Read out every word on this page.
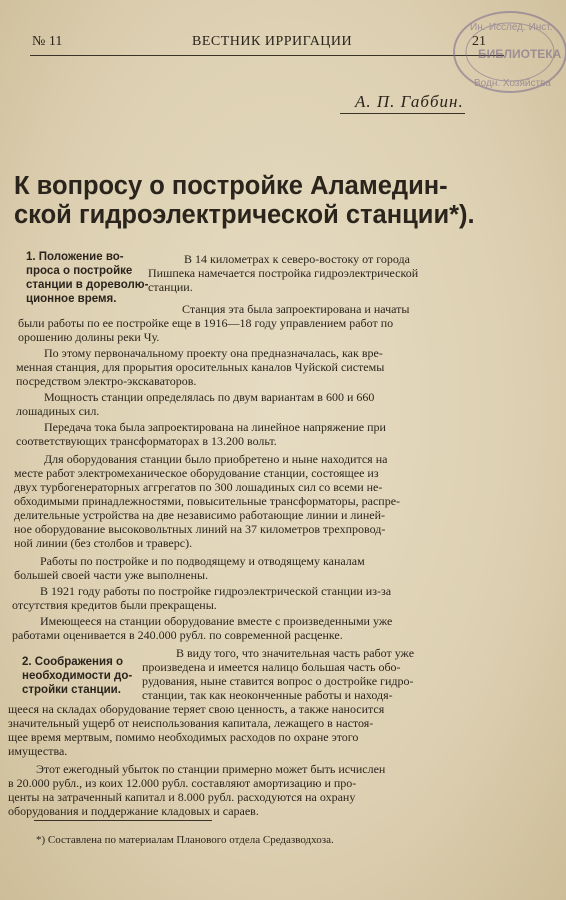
№ 11	ВЕСТНИК ИРРИГАЦИИ	21
Ин.-Исслед. Инст.
БИБЛИОТЕКА
Водн. Хозяйства
А. П. Габбин.
К вопросу о постройке Аламедин-
ской гидроэлектрической станции*).
1. Положение во-
проса о постройке
станции в дореволю-
ционное время.
2. Соображения о
необходимости до-
стройки станции.
В 14 километрах к северо-востоку от города
Пишпека намечается постройка гидроэлектрической
станции.
Станция эта была запроектирована и начаты
были работы по ее постройке еще в 1916—18 году управлением работ по
орошению долины реки Чу.
По этому первоначальному проекту она предназначалась, как вре-
менная станция, для прорытия оросительных каналов Чуйской системы
посредством электро-экскаваторов.
Мощность станции определялась по двум вариантам в 600 и 660
лошадиных сил.
Передача тока была запроектирована на линейное напряжение при
соответствующих трансформаторах в 13.200 вольт.
Для оборудования станции было приобретено и ныне находится на
месте работ электромеханическое оборудование станции, состоящее из
двух турбогенераторных аггрегатов по 300 лошадиных сил со всеми не-
обходимыми принадлежностями, повысительные трансформаторы, распре-
делительные устройства на две независимо работающие линии и линей-
ное оборудование высоковольтных линий на 37 километров трехпровод-
ной линии (без столбов и траверс).
Работы по постройке и по подводящему и отводящему каналам
большей своей части уже выполнены.
В 1921 году работы по постройке гидроэлектрической станции из-за
отсутствия кредитов были прекращены.
Имеющееся на станции оборудование вместе с произведенными уже
работами оценивается в 240.000 рубл. по современной расценке.
В виду того, что значительная часть работ уже
произведена и имеется налицо большая часть обо-
рудования, ныне ставится вопрос о достройке гидро-
станции, так как неоконченные работы и находя-
щееся на складах оборудование теряет свою ценность, а также наносится
значительный ущерб от неиспользования капитала, лежащего в настоя-
щее время мертвым, помимо необходимых расходов по охране этого
имущества.
Этот ежегодный убыток по станции примерно может быть исчислен
в 20.000 рубл., из коих 12.000 рубл. составляют амортизацию и про-
центы на затраченный капитал и 8.000 рубл. расходуются на охрану
оборудования и поддержание кладовых и сараев.
*) Составлена по материалам Планового отдела Средазводхоза.
